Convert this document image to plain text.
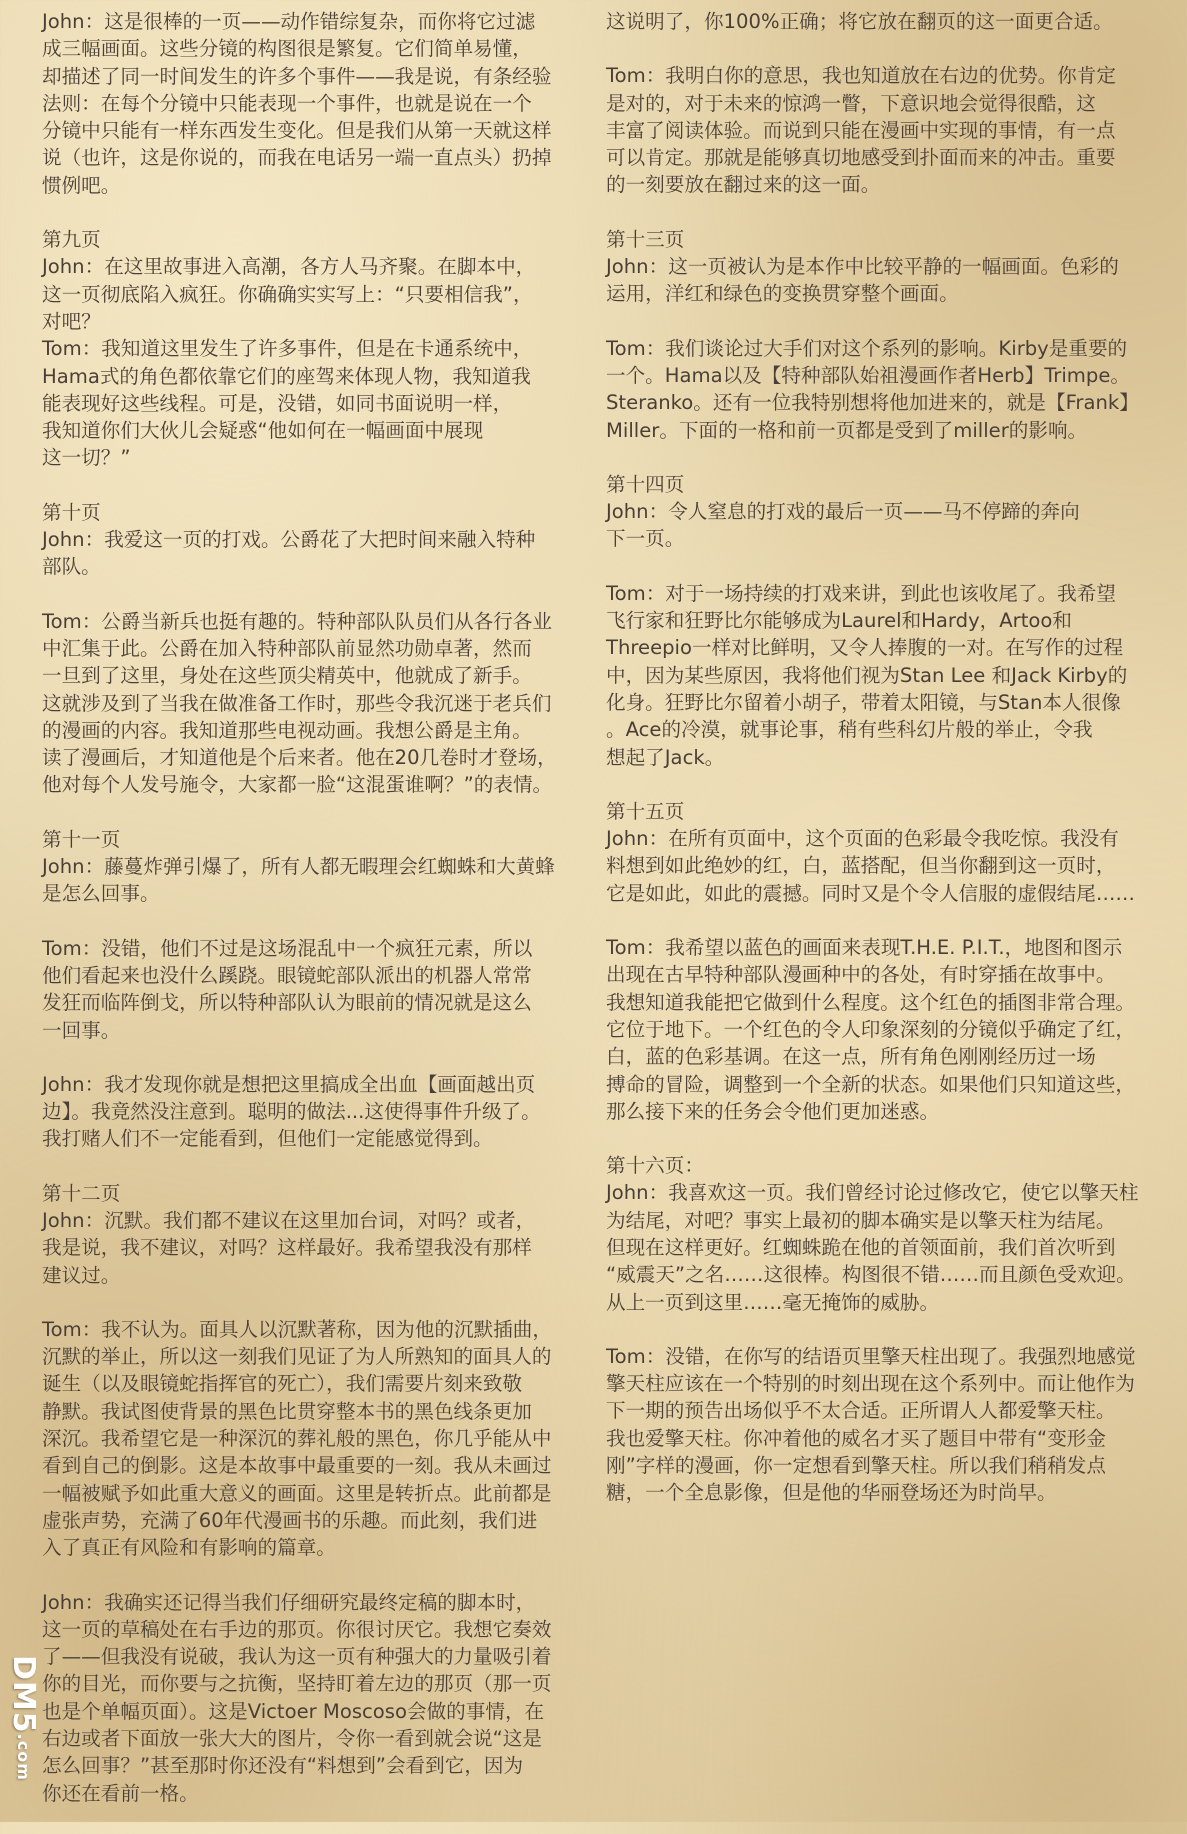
John：这是很棒的一页——动作错综复杂，而你将它过滤
成三幅画面。这些分镜的构图很是繁复。它们简单易懂，
却描述了同一时间发生的许多个事件——我是说，有条经验
法则：在每个分镜中只能表现一个事件，也就是说在一个
分镜中只能有一样东西发生变化。但是我们从第一天就这样
说（也许，这是你说的，而我在电话另一端一直点头）扔掉
惯例吧。
第九页
John：在这里故事进入高潮，各方人马齐聚。在脚本中，
这一页彻底陷入疯狂。你确确实实写上：“只要相信我”，
对吧？
Tom：我知道这里发生了许多事件，但是在卡通系统中，
Hama式的角色都依靠它们的座驾来体现人物，我知道我
能表现好这些线程。可是，没错，如同书面说明一样，
我知道你们大伙儿会疑惑“他如何在一幅画面中展现
这一切？”
第十页
John：我爱这一页的打戏。公爵花了大把时间来融入特种
部队。
Tom：公爵当新兵也挺有趣的。特种部队队员们从各行各业
中汇集于此。公爵在加入特种部队前显然功勋卓著，然而
一旦到了这里，身处在这些顶尖精英中，他就成了新手。
这就涉及到了当我在做准备工作时，那些令我沉迷于老兵们
的漫画的内容。我知道那些电视动画。我想公爵是主角。
读了漫画后，才知道他是个后来者。他在20几卷时才登场，
他对每个人发号施令，大家都一脸“这混蛋谁啊？”的表情。
第十一页
John：藤蔓炸弹引爆了，所有人都无暇理会红蜘蛛和大黄蜂
是怎么回事。
Tom：没错，他们不过是这场混乱中一个疯狂元素，所以
他们看起来也没什么蹊跷。眼镜蛇部队派出的机器人常常
发狂而临阵倒戈，所以特种部队认为眼前的情况就是这么
一回事。
John：我才发现你就是想把这里搞成全出血【画面越出页
边】。我竟然没注意到。聪明的做法...这使得事件升级了。
我打赌人们不一定能看到，但他们一定能感觉得到。
第十二页
John：沉默。我们都不建议在这里加台词，对吗？或者，
我是说，我不建议，对吗？这样最好。我希望我没有那样
建议过。
Tom：我不认为。面具人以沉默著称，因为他的沉默插曲，
沉默的举止，所以这一刻我们见证了为人所熟知的面具人的
诞生（以及眼镜蛇指挥官的死亡），我们需要片刻来致敬
静默。我试图使背景的黑色比贯穿整本书的黑色线条更加
深沉。我希望它是一种深沉的葬礼般的黑色，你几乎能从中
看到自己的倒影。这是本故事中最重要的一刻。我从未画过
一幅被赋予如此重大意义的画面。这里是转折点。此前都是
虚张声势，充满了60年代漫画书的乐趣。而此刻，我们进
入了真正有风险和有影响的篇章。
John：我确实还记得当我们仔细研究最终定稿的脚本时，
这一页的草稿处在右手边的那页。你很讨厌它。我想它奏效
了——但我没有说破，我认为这一页有种强大的力量吸引着
你的目光，而你要与之抗衡，坚持盯着左边的那页（那一页
也是个单幅页面）。这是Victoer Moscoso会做的事情，在
右边或者下面放一张大大的图片，令你一看到就会说“这是
怎么回事？”甚至那时你还没有“料想到”会看到它，因为
你还在看前一格。
这说明了，你100%正确；将它放在翻页的这一面更合适。
Tom：我明白你的意思，我也知道放在右边的优势。你肯定
是对的，对于未来的惊鸿一瞥，下意识地会觉得很酷，这
丰富了阅读体验。而说到只能在漫画中实现的事情，有一点
可以肯定。那就是能够真切地感受到扑面而来的冲击。重要
的一刻要放在翻过来的这一面。
第十三页
John：这一页被认为是本作中比较平静的一幅画面。色彩的
运用，洋红和绿色的变换贯穿整个画面。
Tom：我们谈论过大手们对这个系列的影响。Kirby是重要的
一个。Hama以及【特种部队始祖漫画作者Herb】Trimpe。
Steranko。还有一位我特别想将他加进来的，就是【Frank】
Miller。下面的一格和前一页都是受到了miller的影响。
第十四页
John：令人窒息的打戏的最后一页——马不停蹄的奔向
下一页。
Tom：对于一场持续的打戏来讲，到此也该收尾了。我希望
飞行家和狂野比尔能够成为Laurel和Hardy，Artoo和
Threepio一样对比鲜明，又令人捧腹的一对。在写作的过程
中，因为某些原因，我将他们视为Stan Lee 和Jack Kirby的
化身。狂野比尔留着小胡子，带着太阳镜，与Stan本人很像
。Ace的冷漠，就事论事，稍有些科幻片般的举止，令我
想起了Jack。
第十五页
John：在所有页面中，这个页面的色彩最令我吃惊。我没有
料想到如此绝妙的红，白，蓝搭配，但当你翻到这一页时，
它是如此，如此的震撼。同时又是个令人信服的虚假结尾……
Tom：我希望以蓝色的画面来表现T.H.E. P.I.T.，地图和图示
出现在古早特种部队漫画种中的各处，有时穿插在故事中。
我想知道我能把它做到什么程度。这个红色的插图非常合理。
它位于地下。一个红色的令人印象深刻的分镜似乎确定了红，
白，蓝的色彩基调。在这一点，所有角色刚刚经历过一场
搏命的冒险，调整到一个全新的状态。如果他们只知道这些，
那么接下来的任务会令他们更加迷惑。
第十六页：
John：我喜欢这一页。我们曾经讨论过修改它，使它以擎天柱
为结尾，对吧？事实上最初的脚本确实是以擎天柱为结尾。
但现在这样更好。红蜘蛛跪在他的首领面前，我们首次听到
“威震天”之名……这很棒。构图很不错……而且颜色受欢迎。
从上一页到这里……毫无掩饰的威胁。
Tom：没错，在你写的结语页里擎天柱出现了。我强烈地感觉
擎天柱应该在一个特别的时刻出现在这个系列中。而让他作为
下一期的预告出场似乎不太合适。正所谓人人都爱擎天柱。
我也爱擎天柱。你冲着他的威名才买了题目中带有“变形金
刚”字样的漫画，你一定想看到擎天柱。所以我们稍稍发点
糖，一个全息影像，但是他的华丽登场还为时尚早。
DM5.com
